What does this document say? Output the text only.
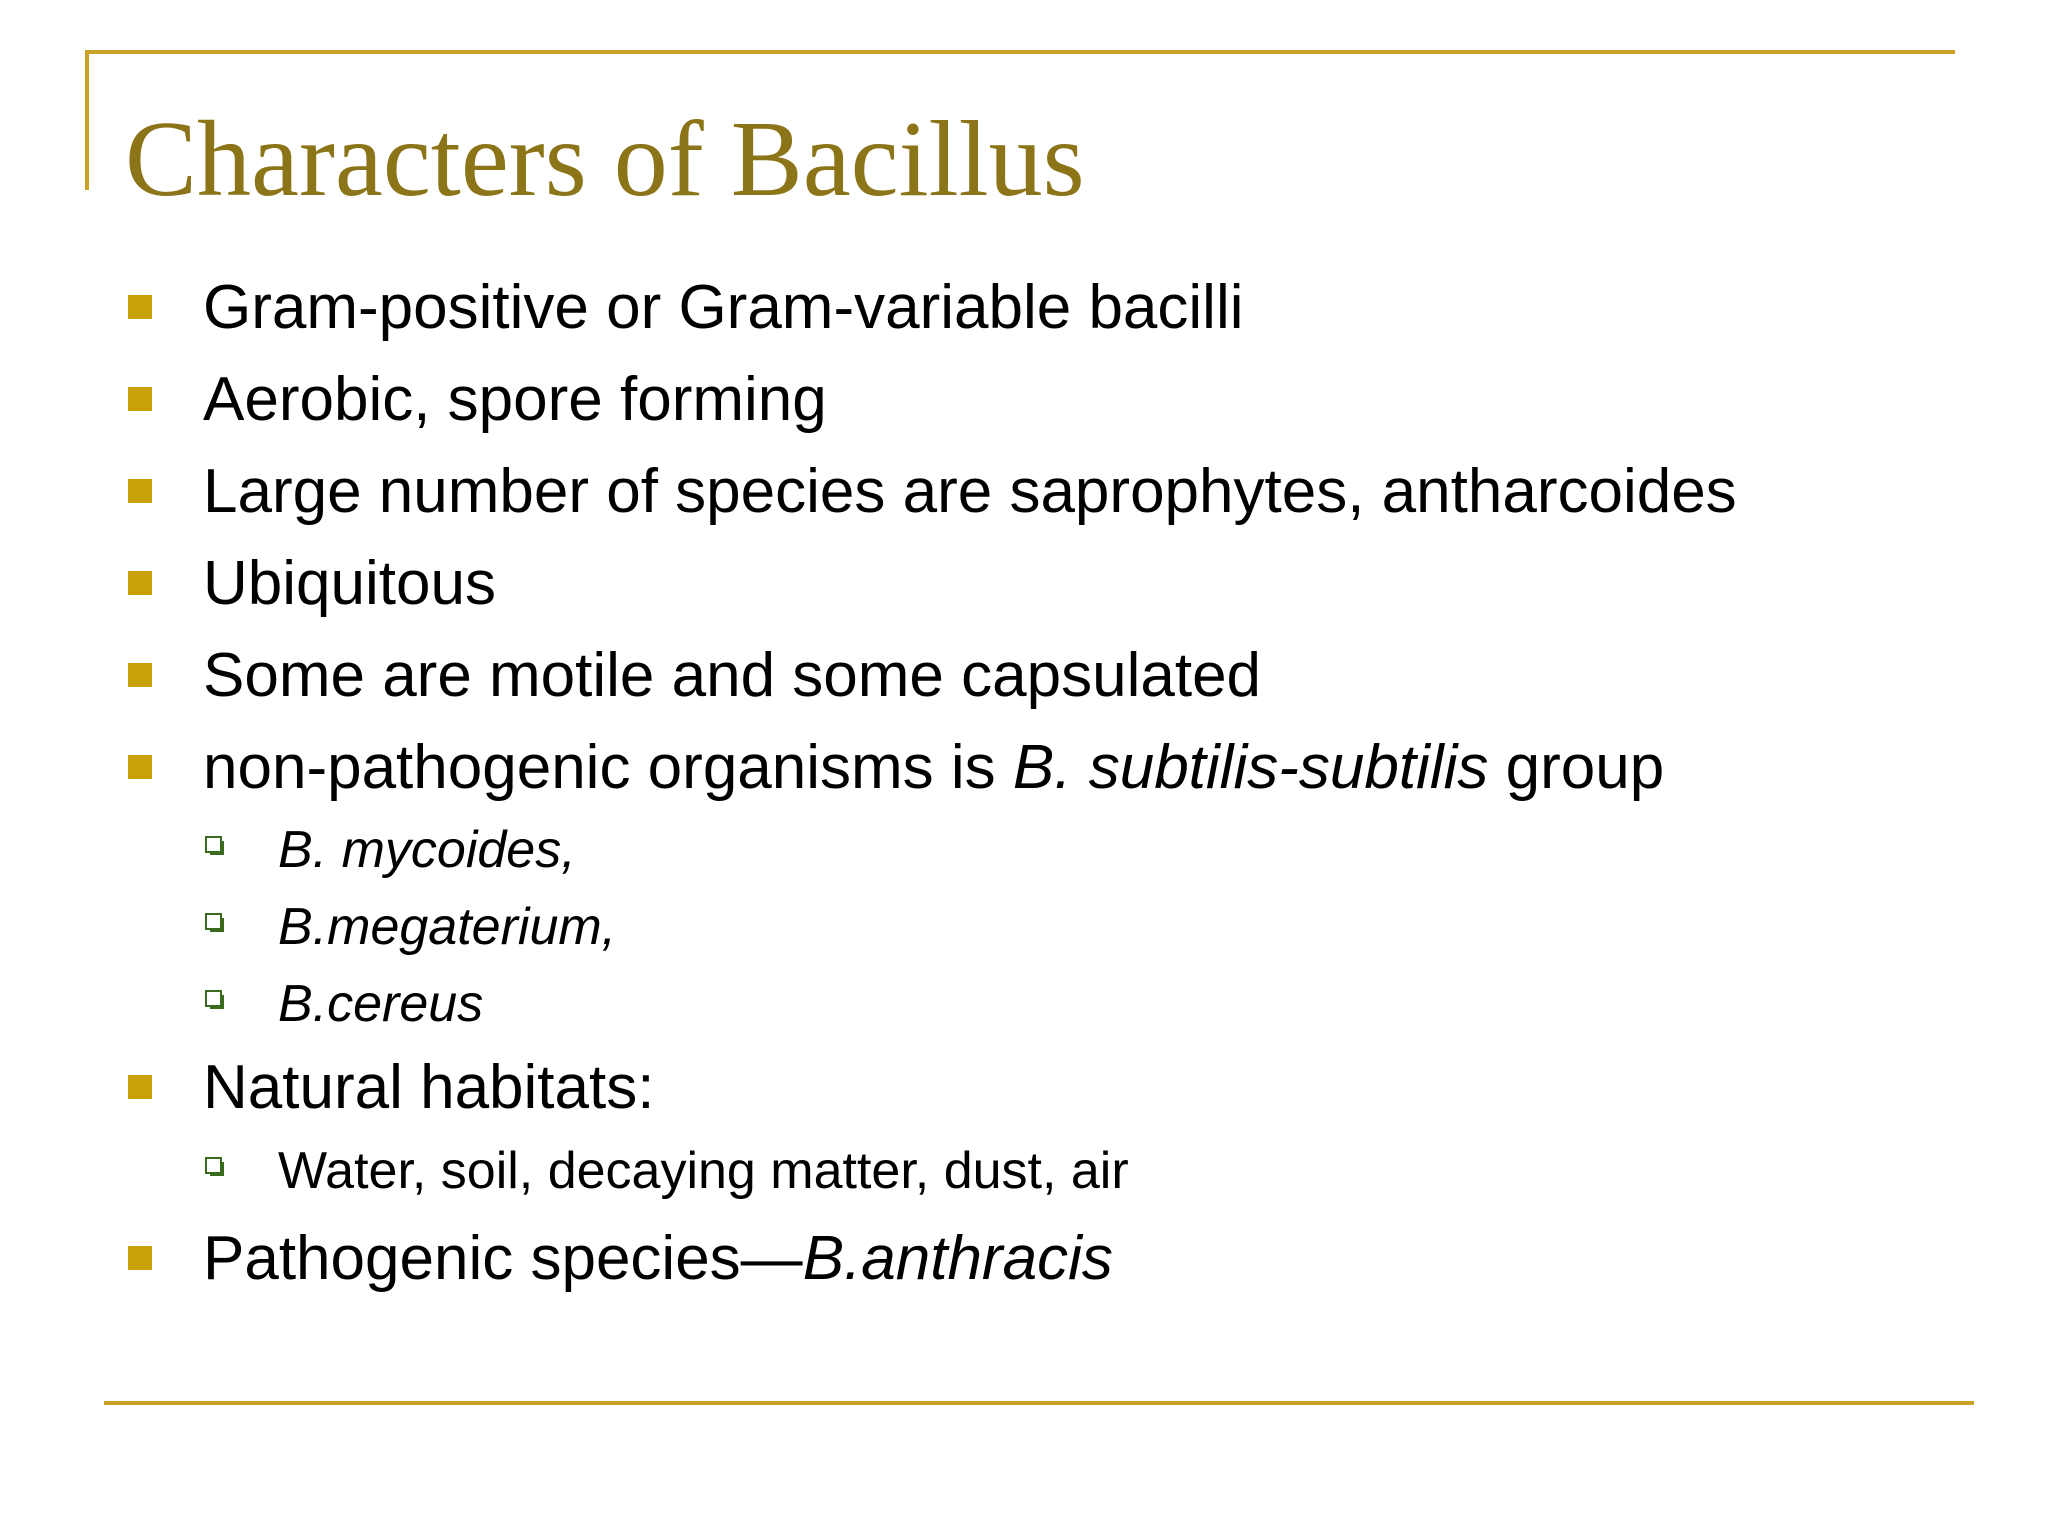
Characters of Bacillus
Gram-positive or Gram-variable bacilli
Aerobic, spore forming
Large number of species are saprophytes, antharcoides
Ubiquitous
Some are motile and some capsulated
non-pathogenic organisms is B. subtilis-subtilis group
B. mycoides,
B.megaterium,
B.cereus
Natural habitats:
Water, soil, decaying matter, dust, air
Pathogenic species—B.anthracis
